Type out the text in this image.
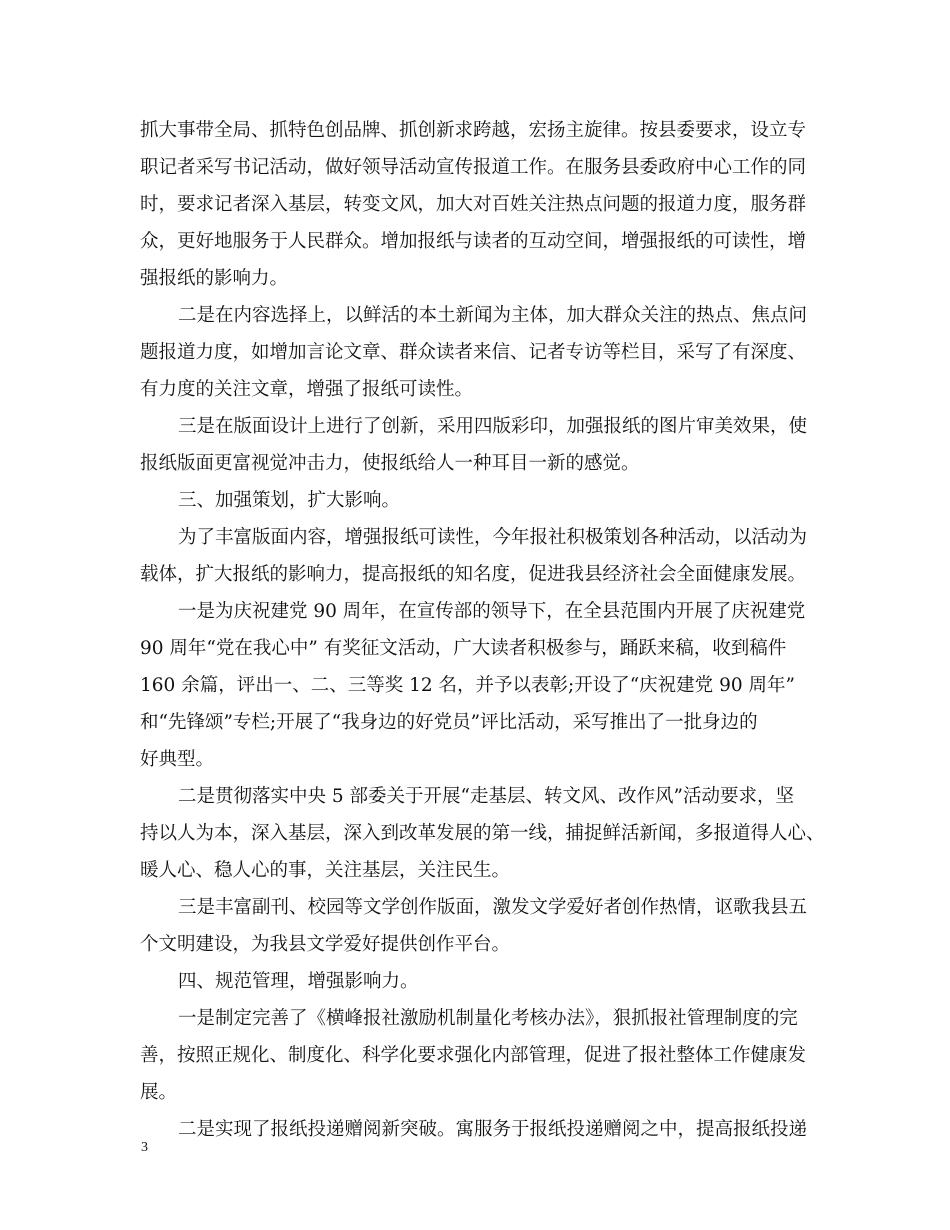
抓大事带全局、抓特色创品牌、抓创新求跨越，宏扬主旋律。按县委要求，设立专
职记者采写书记活动，做好领导活动宣传报道工作。在服务县委政府中心工作的同
时，要求记者深入基层，转变文风，加大对百姓关注热点问题的报道力度，服务群
众，更好地服务于人民群众。增加报纸与读者的互动空间，增强报纸的可读性，增
强报纸的影响力。
二是在内容选择上，以鲜活的本土新闻为主体，加大群众关注的热点、焦点问
题报道力度，如增加言论文章、群众读者来信、记者专访等栏目，采写了有深度、
有力度的关注文章，增强了报纸可读性。
三是在版面设计上进行了创新，采用四版彩印，加强报纸的图片审美效果，使
报纸版面更富视觉冲击力，使报纸给人一种耳目一新的感觉。
三、加强策划，扩大影响。
为了丰富版面内容，增强报纸可读性，今年报社积极策划各种活动，以活动为
载体，扩大报纸的影响力，提高报纸的知名度，促进我县经济社会全面健康发展。
一是为庆祝建党 90 周年，在宣传部的领导下，在全县范围内开展了庆祝建党
90 周年“党在我心中” 有奖征文活动，广大读者积极参与，踊跃来稿，收到稿件
160 余篇，评出一、二、三等奖 12 名，并予以表彰;开设了“庆祝建党 90 周年”
和“先锋颂”专栏;开展了“我身边的好党员”评比活动，采写推出了一批身边的
好典型。
二是贯彻落实中央 5 部委关于开展“走基层、转文风、改作风”活动要求，坚
持以人为本，深入基层，深入到改革发展的第一线，捕捉鲜活新闻，多报道得人心、
暖人心、稳人心的事，关注基层，关注民生。
三是丰富副刊、校园等文学创作版面，激发文学爱好者创作热情，讴歌我县五
个文明建设，为我县文学爱好提供创作平台。
四、规范管理，增强影响力。
一是制定完善了《横峰报社激励机制量化考核办法》，狠抓报社管理制度的完
善，按照正规化、制度化、科学化要求强化内部管理，促进了报社整体工作健康发
展。
二是实现了报纸投递赠阅新突破。寓服务于报纸投递赠阅之中，提高报纸投递
3
